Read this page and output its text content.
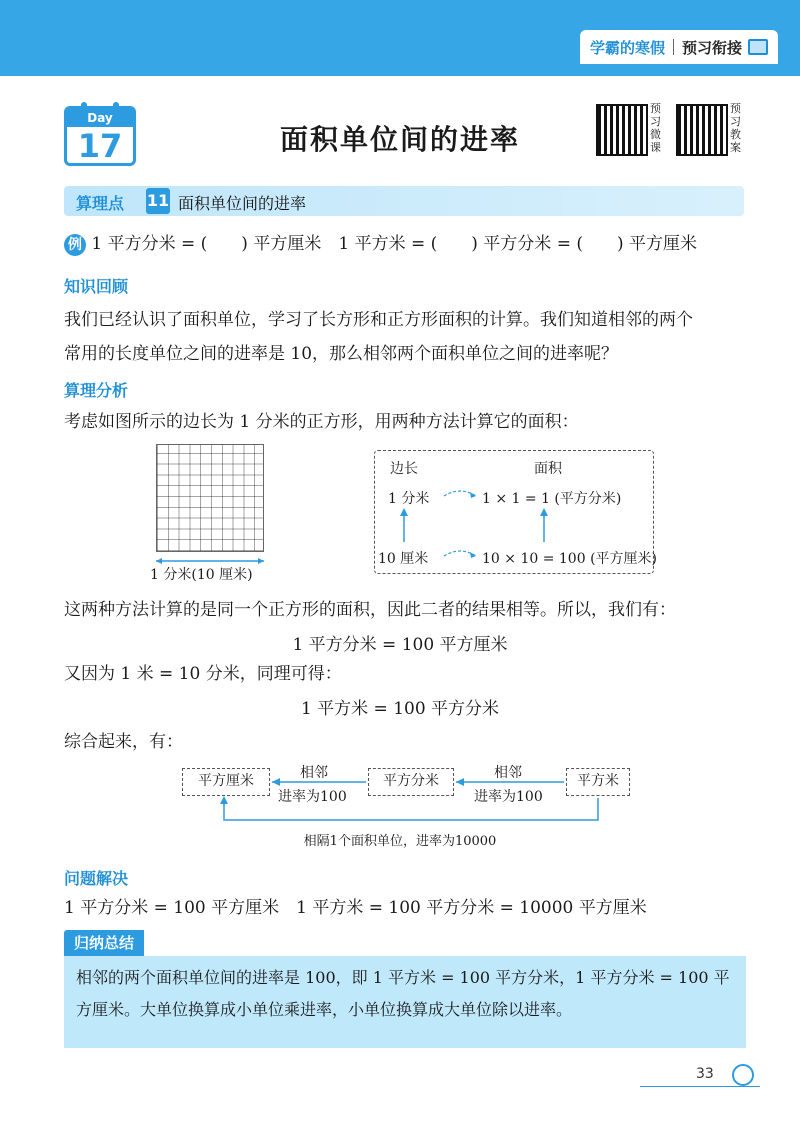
学霸的寒假 预习衔接
Day
17	面积单位间的进率
预习微课
预习教案
算理点 11 面积单位间的进率
例 1 平方分米 = (　　) 平方厘米　1 平方米 = (　　) 平方分米 = (　　) 平方厘米
知识回顾
我们已经认识了面积单位，学习了长方形和正方形面积的计算。我们知道相邻的两个
常用的长度单位之间的进率是 10，那么相邻两个面积单位之间的进率呢？
算理分析
考虑如图所示的边长为 1 分米的正方形，用两种方法计算它的面积：
1 分米(10 厘米)
边长	面积
1 分米	1 × 1 = 1 (平方分米)
10 厘米	10 × 10 = 100 (平方厘米)
这两种方法计算的是同一个正方形的面积，因此二者的结果相等。所以，我们有：
1 平方分米 = 100 平方厘米
又因为 1 米 = 10 分米，同理可得：
1 平方米 = 100 平方分米
综合起来，有：
平方厘米	平方分米	平方米
相邻
进率为100
相邻
进率为100
相隔1个面积单位，进率为10000
问题解决
1 平方分米 = 100 平方厘米　1 平方米 = 100 平方分米 = 10000 平方厘米
归纳总结
相邻的两个面积单位间的进率是 100，即 1 平方米 = 100 平方分米，1 平方分米 = 100 平
方厘米。大单位换算成小单位乘进率，小单位换算成大单位除以进率。
33
